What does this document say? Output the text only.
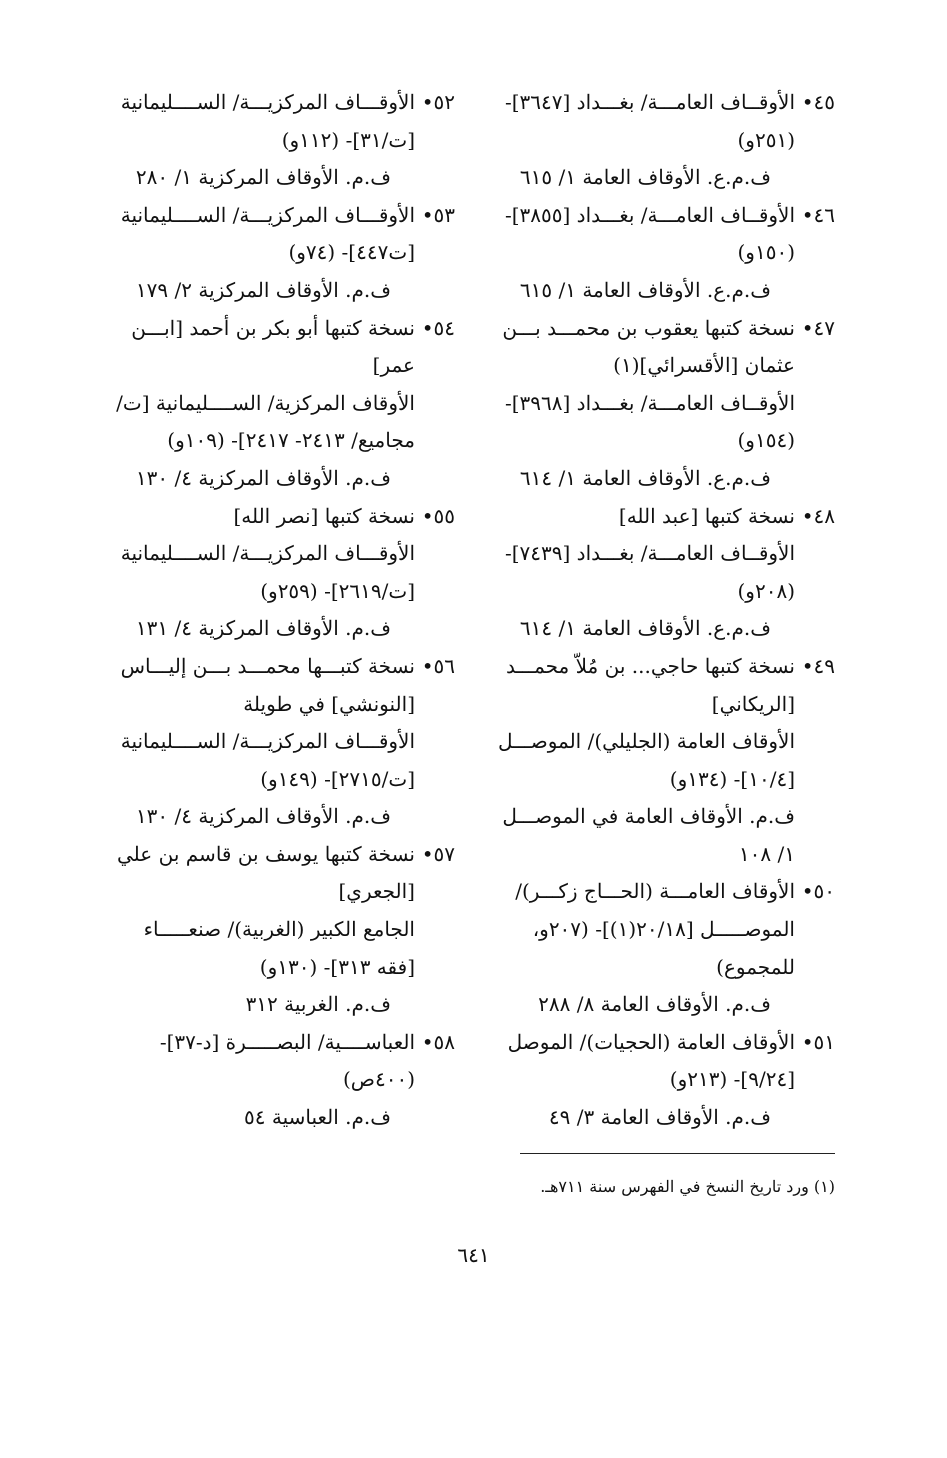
٤٥•
الأوقــاف العامـــة/ بغـــداد [٣٦٤٧]-
(٢٥١و)
ف.م.ع. الأوقاف العامة ١/ ٦١٥
٤٦•
الأوقــاف العامـــة/ بغـــداد [٣٨٥٥]-
(١٥٠و)
ف.م.ع. الأوقاف العامة ١/ ٦١٥
٤٧•
نسخة كتبها يعقوب بن محمـــد بـــن
عثمان [الأقسرائي](١)
الأوقــاف العامـــة/ بغـــداد [٣٩٦٨]-
(١٥٤و)
ف.م.ع. الأوقاف العامة ١/ ٦١٤
٤٨•
نسخة كتبها [عبد الله]
الأوقــاف العامـــة/ بغـــداد [٧٤٣٩]-
(٢٠٨و)
ف.م.ع. الأوقاف العامة ١/ ٦١٤
٤٩•
نسخة كتبها حاجي... بن مُلاّ محمـــد
[الريكاني]
الأوقاف العامة (الجليلي)/ الموصـــل
[١٠/٤]- (١٣٤و)
ف.م. الأوقاف العامة في الموصـــل
١/ ١٠٨
٥٠•
الأوقاف العامـــة (الحـــاج زكـــر)/
الموصـــــل [٢٠/١٨(١)]- (٢٠٧و،
للمجموع)
ف.م. الأوقاف العامة ٨/ ٢٨٨
٥١•
الأوقاف العامة (الحجيات)/ الموصل
[٩/٢٤]- (٢١٣و)
ف.م. الأوقاف العامة ٣/ ٤٩
٥٢•
الأوقـــاف المركزيـــة/ الســــليمانية
[ت/٣١]- (١١٢و)
ف.م. الأوقاف المركزية ١/ ٢٨٠
٥٣•
الأوقـــاف المركزيـــة/ الســــليمانية
[ت٤٤٧]- (٧٤و)
ف.م. الأوقاف المركزية ٢/ ١٧٩
٥٤•
نسخة كتبها أبو بكر بن أحمد [ابـــن
عمر]
الأوقاف المركزية/ الســــليمانية [ت/
مجاميع/ ٢٤١٣- ٢٤١٧]- (١٠٩و)
ف.م. الأوقاف المركزية ٤/ ١٣٠
٥٥•
نسخة كتبها [نصر الله]
الأوقـــاف المركزيـــة/ الســــليمانية
[ت/٢٦١٩]- (٢٥٩و)
ف.م. الأوقاف المركزية ٤/ ١٣١
٥٦•
نسخة كتبـــها محمـــد بـــن إليـــاس
[النونشي] في طويلة
الأوقـــاف المركزيـــة/ الســــليمانية
[ت/٢٧١٥]- (١٤٩و)
ف.م. الأوقاف المركزية ٤/ ١٣٠
٥٧•
نسخة كتبها يوسف بن قاسم بن علي
[الجعري]
الجامع الكبير (الغربية)/ صنعـــــاء
[فقه ٣١٣]- (١٣٠و)
ف.م. الغربية ٣١٢
٥٨•
العباســــية/ البصـــــرة [د-٣٧]-
(٤٠٠ص)
ف.م. العباسية ٥٤
(١) ورد تاريخ النسخ في الفهرس سنة ٧١١هـ.
٦٤١
